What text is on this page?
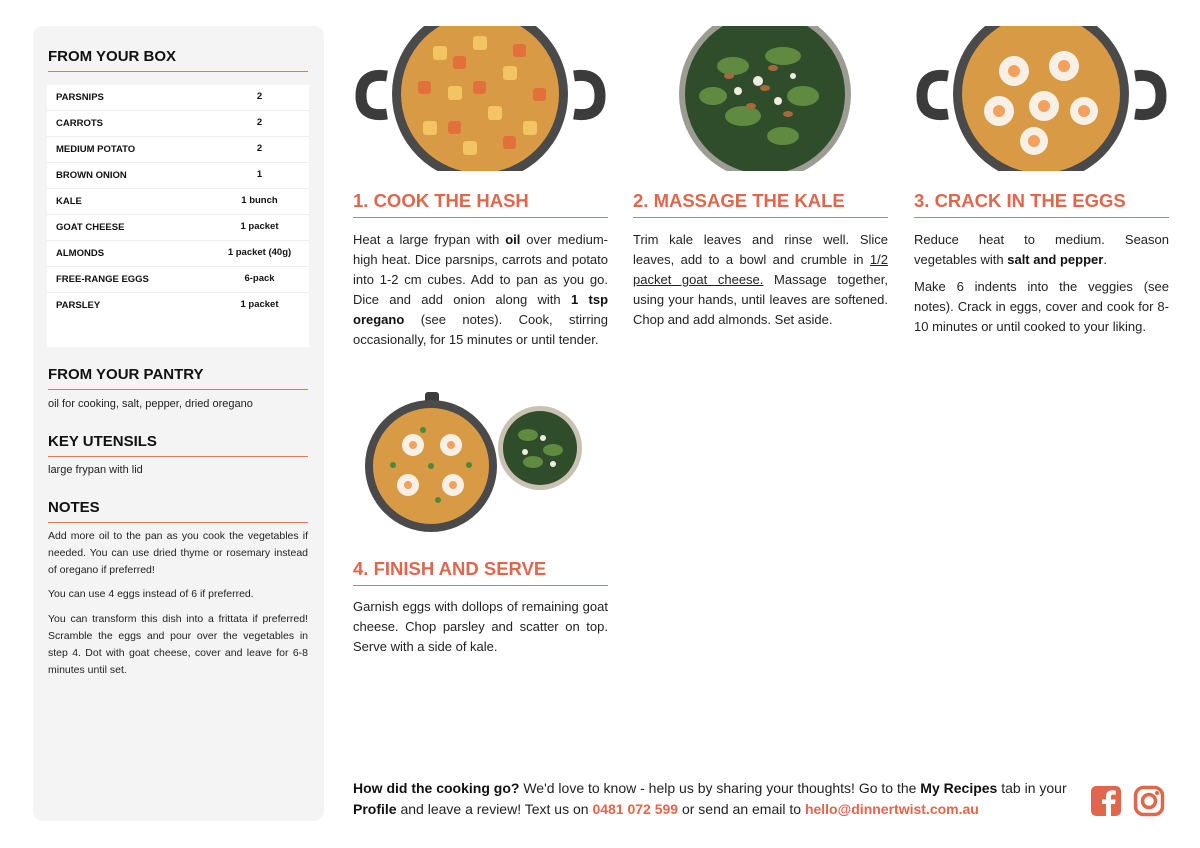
FROM YOUR BOX
PARSNIPS	2
CARROTS	2
MEDIUM POTATO	2
BROWN ONION	1
KALE	1 bunch
GOAT CHEESE	1 packet
ALMONDS	1 packet (40g)
FREE-RANGE EGGS	6-pack
PARSLEY	1 packet
FROM YOUR PANTRY
oil for cooking, salt, pepper, dried oregano
KEY UTENSILS
large frypan with lid
NOTES
Add more oil to the pan as you cook the vegetables if needed. You can use dried thyme or rosemary instead of oregano if preferred!
You can use 4 eggs instead of 6 if preferred.
You can transform this dish into a frittata if preferred! Scramble the eggs and pour over the vegetables in step 4. Dot with goat cheese, cover and leave for 6-8 minutes until set.
1. COOK THE HASH
Heat a large frypan with oil over medium-high heat. Dice parsnips, carrots and potato into 1-2 cm cubes. Add to pan as you go. Dice and add onion along with 1 tsp oregano (see notes). Cook, stirring occasionally, for 15 minutes or until tender.
2. MASSAGE THE KALE
Trim kale leaves and rinse well. Slice leaves, add to a bowl and crumble in 1/2 packet goat cheese. Massage together, using your hands, until leaves are softened. Chop and add almonds. Set aside.
3. CRACK IN THE EGGS
Reduce heat to medium. Season vegetables with salt and pepper.
Make 6 indents into the veggies (see notes). Crack in eggs, cover and cook for 8-10 minutes or until cooked to your liking.
4. FINISH AND SERVE
Garnish eggs with dollops of remaining goat cheese. Chop parsley and scatter on top. Serve with a side of kale.
How did the cooking go? We'd love to know - help us by sharing your thoughts! Go to the My Recipes tab in your Profile and leave a review! Text us on 0481 072 599 or send an email to hello@dinnertwist.com.au
